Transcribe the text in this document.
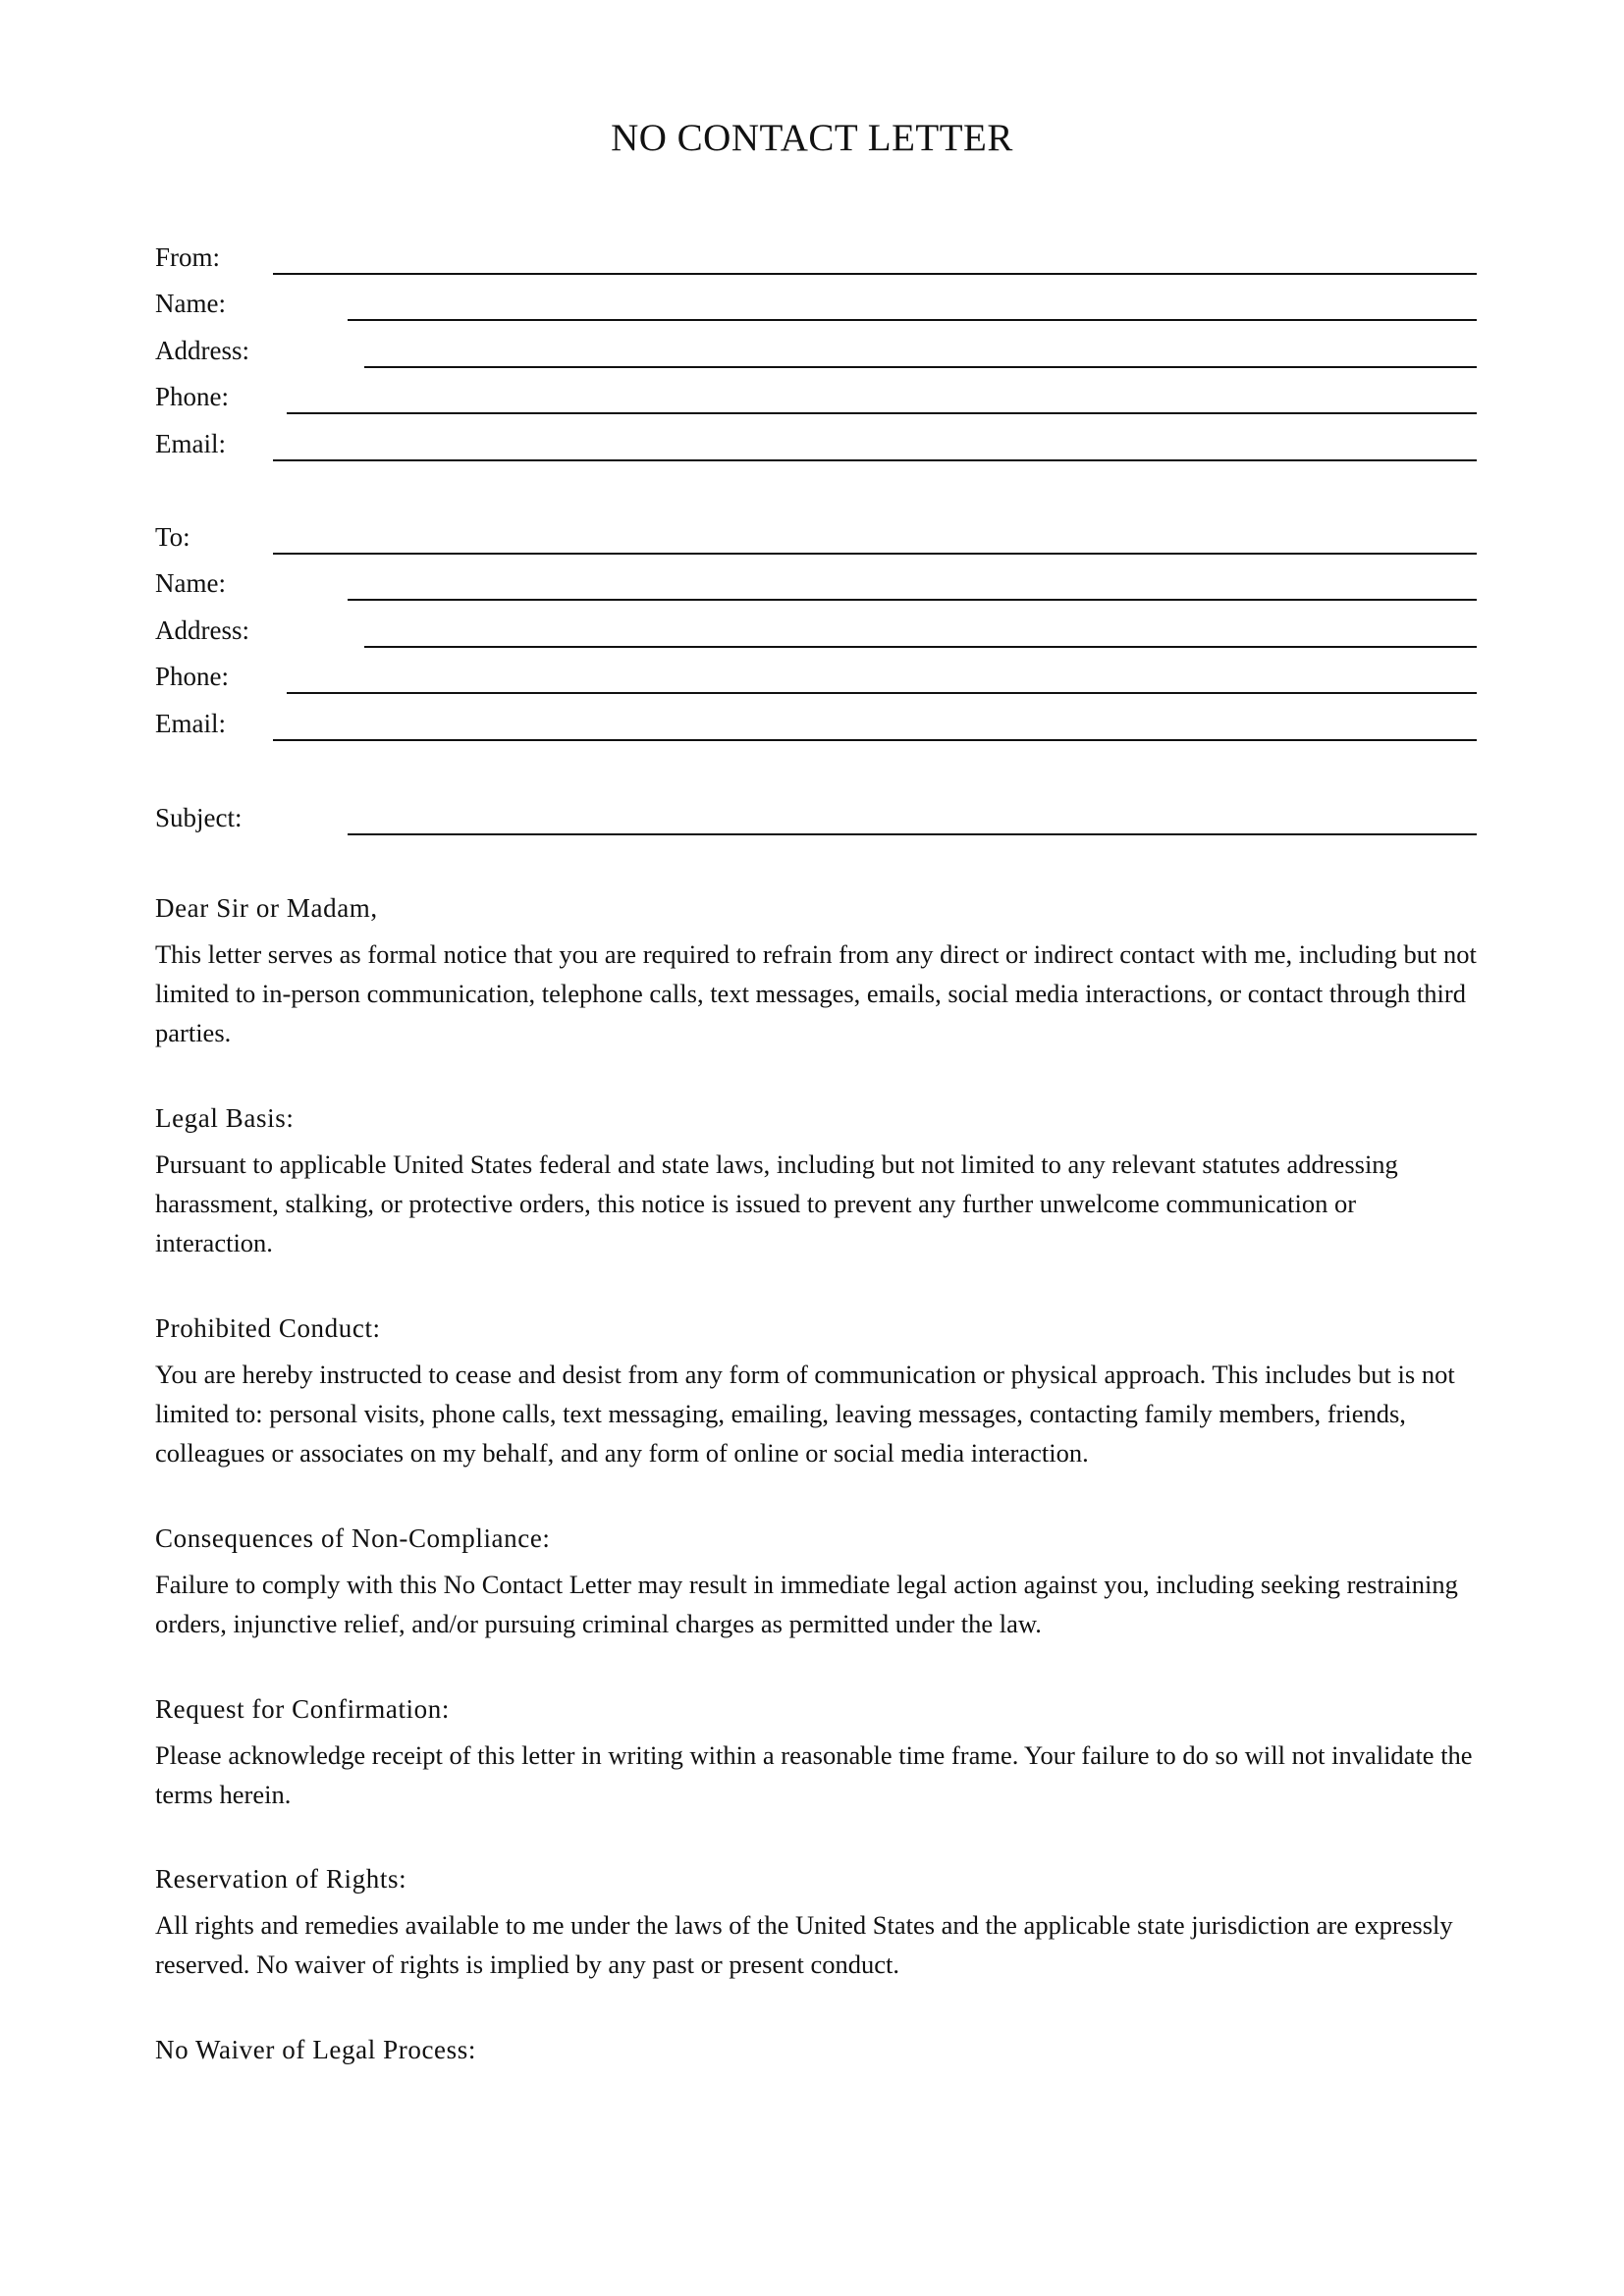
NO CONTACT LETTER
From:
Name:
Address:
Phone:
Email:
To:
Name:
Address:
Phone:
Email:
Subject:
Dear Sir or Madam,

This letter serves as formal notice that you are required to refrain from any direct or indirect contact with me, including but not limited to in-person communication, telephone calls, text messages, emails, social media interactions, or contact through third parties.

Legal Basis:

Pursuant to applicable United States federal and state laws, including but not limited to any relevant statutes addressing harassment, stalking, or protective orders, this notice is issued to prevent any further unwelcome communication or interaction.

Prohibited Conduct:

You are hereby instructed to cease and desist from any form of communication or physical approach. This includes but is not limited to: personal visits, phone calls, text messaging, emailing, leaving messages, contacting family members, friends, colleagues or associates on my behalf, and any form of online or social media interaction.

Consequences of Non-Compliance:

Failure to comply with this No Contact Letter may result in immediate legal action against you, including seeking restraining orders, injunctive relief, and/or pursuing criminal charges as permitted under the law.

Request for Confirmation:

Please acknowledge receipt of this letter in writing within a reasonable time frame. Your failure to do so will not invalidate the terms herein.

Reservation of Rights:

All rights and remedies available to me under the laws of the United States and the applicable state jurisdiction are expressly reserved. No waiver of rights is implied by any past or present conduct.

No Waiver of Legal Process:
